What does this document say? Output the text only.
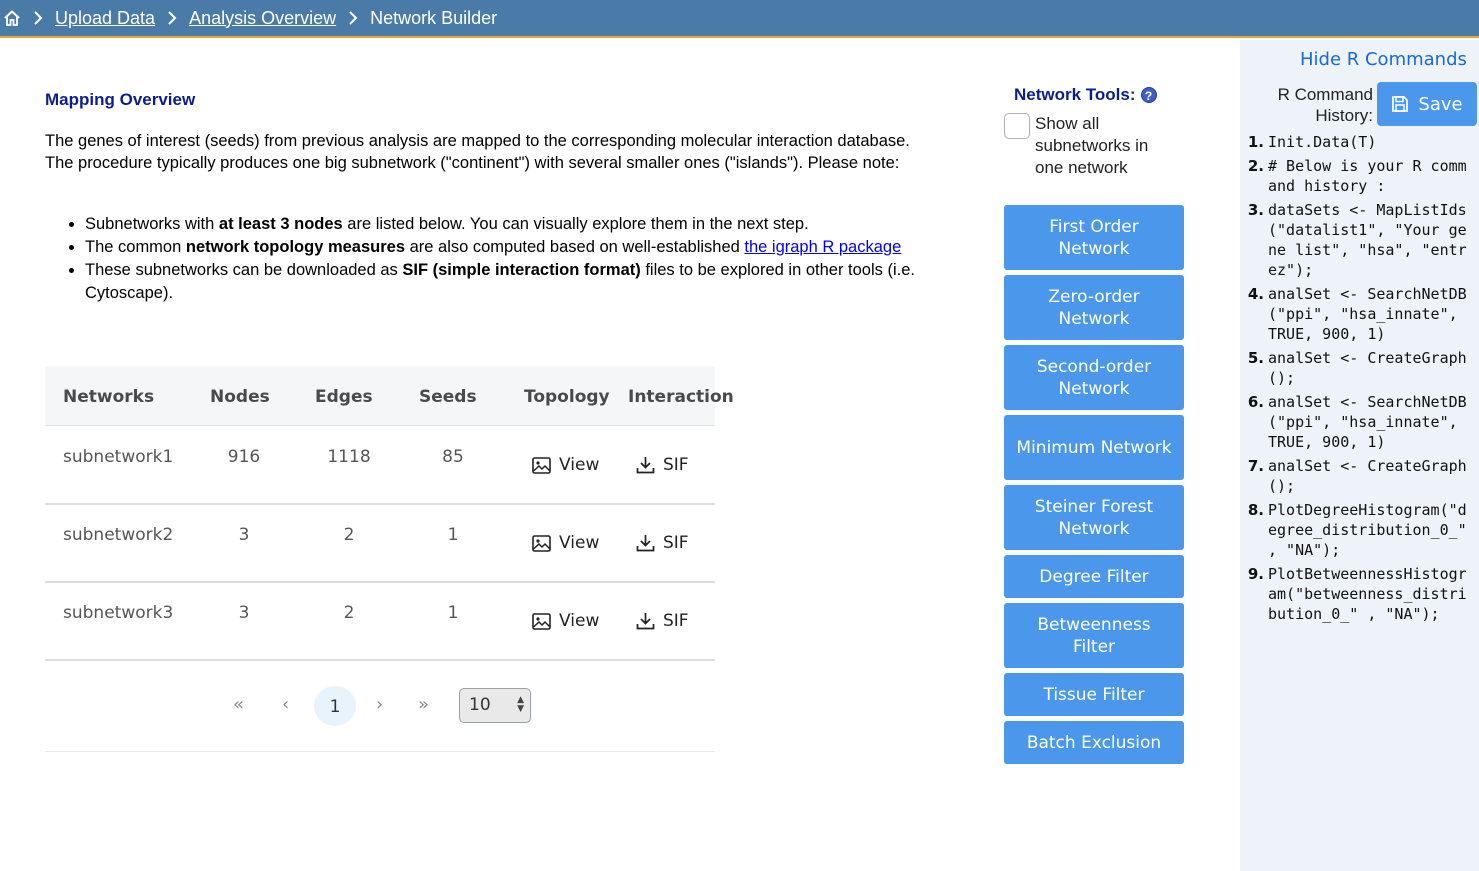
Upload Data Analysis Overview Network Builder
Mapping Overview

The genes of interest (seeds) from previous analysis are mapped to the corresponding molecular interaction database. The procedure typically produces one big subnetwork ("continent") with several smaller ones ("islands"). Please note:

• Subnetworks with at least 3 nodes are listed below. You can visually explore them in the next step.
• The common network topology measures are also computed based on well-established the igraph R package
• These subnetworks can be downloaded as SIF (simple interaction format) files to be explored in other tools (i.e. Cytoscape).
Networks	Nodes	Edges	Seeds	Topology Interaction
subnetwork1	916	1118	85	View	SIF
subnetwork2	3	2	1	View	SIF
subnetwork3	3	2	1	View	SIF
« ‹	1	› »	10	▲
▼
Network Tools: ?
Show all subnetworks in one network
First Order Network
Zero-order Network
Second-order Network
Minimum Network
Steiner Forest Network
Degree Filter
Betweenness Filter
Tissue Filter
Batch Exclusion
Hide R Commands
R Command History:
Save
1. Init.Data(T)
2. # Below is your R command history :
3. dataSets <- MapListIds("datalist1", "Your gene list", "hsa", "entrez");
4. analSet <- SearchNetDB("ppi", "hsa_innate", TRUE, 900, 1)
5. analSet <- CreateGraph();
6. analSet <- SearchNetDB("ppi", "hsa_innate", TRUE, 900, 1)
7. analSet <- CreateGraph();
8. PlotDegreeHistogram("degree_distribution_0_" , "NA");
9. PlotBetweennessHistogram("betweenness_distribution_0_" , "NA");
